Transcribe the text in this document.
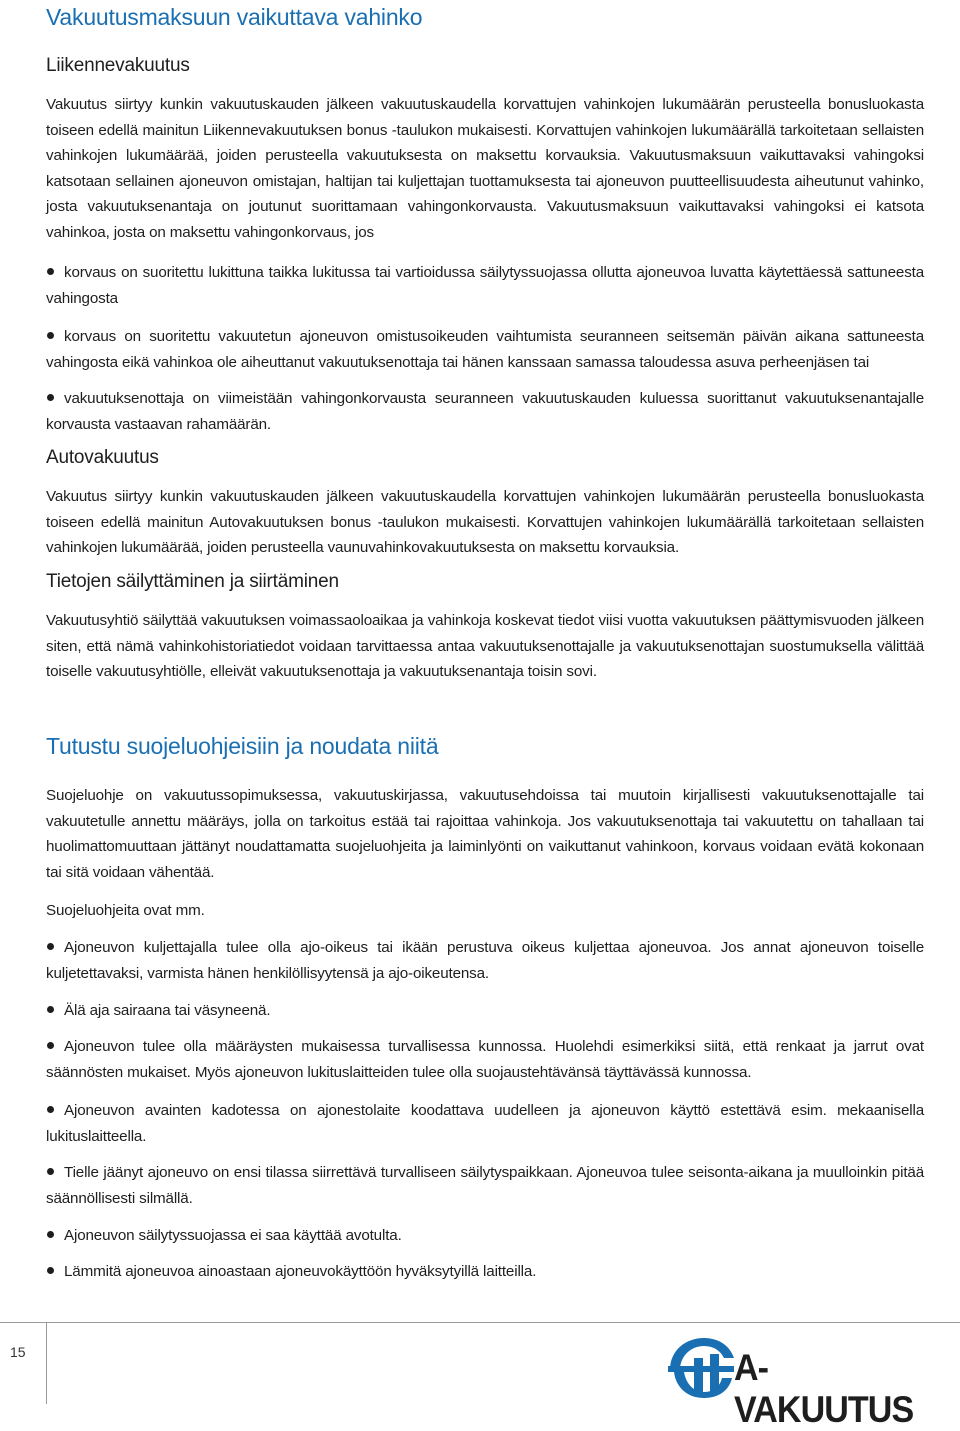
Vakuutusmaksuun vaikuttava vahinko
Liikennevakuutus

Vakuutus siirtyy kunkin vakuutuskauden jälkeen vakuutuskaudella korvattujen vahinkojen lukumäärän perusteella bonusluokasta toiseen edellä mainitun Liikennevakuutuksen bonus -taulukon mukaisesti. Korvattujen vahinkojen lukumäärällä tarkoitetaan sellaisten vahinkojen lukumäärää, joiden perusteella vakuutuksesta on maksettu korvauksia. Vakuutusmaksuun vaikuttavaksi vahingoksi katsotaan sellainen ajoneuvon omistajan, haltijan tai kuljettajan tuottamuksesta tai ajoneuvon puutteellisuudesta aiheutunut vahinko, josta vakuutuksenantaja on joutunut suorittamaan vahingonkorvausta. Vakuutusmaksuun vaikuttavaksi vahingoksi ei katsota vahinkoa, josta on maksettu vahingonkorvaus, jos

korvaus on suoritettu lukittuna taikka lukitussa tai vartioidussa säilytyssuojassa ollutta ajoneuvoa luvatta käytettäessä sattuneesta vahingosta

korvaus on suoritettu vakuutetun ajoneuvon omistusoikeuden vaihtumista seuranneen seitsemän päivän aikana sattuneesta vahingosta eikä vahinkoa ole aiheuttanut vakuutuksenottaja tai hänen kanssaan samassa taloudessa asuva perheenjäsen tai

vakuutuksenottaja on viimeistään vahingonkorvausta seuranneen vakuutuskauden kuluessa suorittanut vakuutuksenantajalle korvausta vastaavan rahamäärän.

Autovakuutus

Vakuutus siirtyy kunkin vakuutuskauden jälkeen vakuutuskaudella korvattujen vahinkojen lukumäärän perusteella bonusluokasta toiseen edellä mainitun Autovakuutuksen bonus -taulukon mukaisesti. Korvattujen vahinkojen lukumäärällä tarkoitetaan sellaisten vahinkojen lukumäärää, joiden perusteella vaunuvahinkovakuutuksesta on maksettu korvauksia.

Tietojen säilyttäminen ja siirtäminen

Vakuutusyhtiö säilyttää vakuutuksen voimassaoloaikaa ja vahinkoja koskevat tiedot viisi vuotta vakuutuksen päättymisvuoden jälkeen siten, että nämä vahinkohistoriatiedot voidaan tarvittaessa antaa vakuutuksenottajalle ja vakuutuksenottajan suostumuksella välittää toiselle vakuutusyhtiölle, elleivät vakuutuksenottaja ja vakuutuksenantaja toisin sovi.

Tutustu suojeluohjeisiin ja noudata niitä

Suojeluohje on vakuutussopimuksessa, vakuutuskirjassa, vakuutusehdoissa tai muutoin kirjallisesti vakuutuksenottajalle tai vakuutetulle annettu määräys, jolla on tarkoitus estää tai rajoittaa vahinkoja. Jos vakuutuksenottaja tai vakuutettu on tahallaan tai huolimattomuuttaan jättänyt noudattamatta suojeluohjeita ja laiminlyönti on vaikuttanut vahinkoon, korvaus voidaan evätä kokonaan tai sitä voidaan vähentää.

Suojeluohjeita ovat mm.

Ajoneuvon kuljettajalla tulee olla ajo-oikeus tai ikään perustuva oikeus kuljettaa ajoneuvoa. Jos annat ajoneuvon toiselle kuljetettavaksi, varmista hänen henkilöllisyytensä ja ajo-oikeutensa.

Älä aja sairaana tai väsyneenä.

Ajoneuvon tulee olla määräysten mukaisessa turvallisessa kunnossa. Huolehdi esimerkiksi siitä, että renkaat ja jarrut ovat säännösten mukaiset. Myös ajoneuvon lukituslaitteiden tulee olla suojaustehtävänsä täyttävässä kunnossa.

Ajoneuvon avainten kadotessa on ajonestolaite koodattava uudelleen ja ajoneuvon käyttö estettävä esim. mekaanisella lukituslaitteella.

Tielle jäänyt ajoneuvo on ensi tilassa siirrettävä turvalliseen säilytyspaikkaan. Ajoneuvoa tulee seisonta-aikana ja muulloinkin pitää säännöllisesti silmällä.

Ajoneuvon säilytyssuojassa ei saa käyttää avotulta.

Lämmitä ajoneuvoa ainoastaan ajoneuvokäyttöön hyväksytyillä laitteilla.

15	A-VAKUUTUS
